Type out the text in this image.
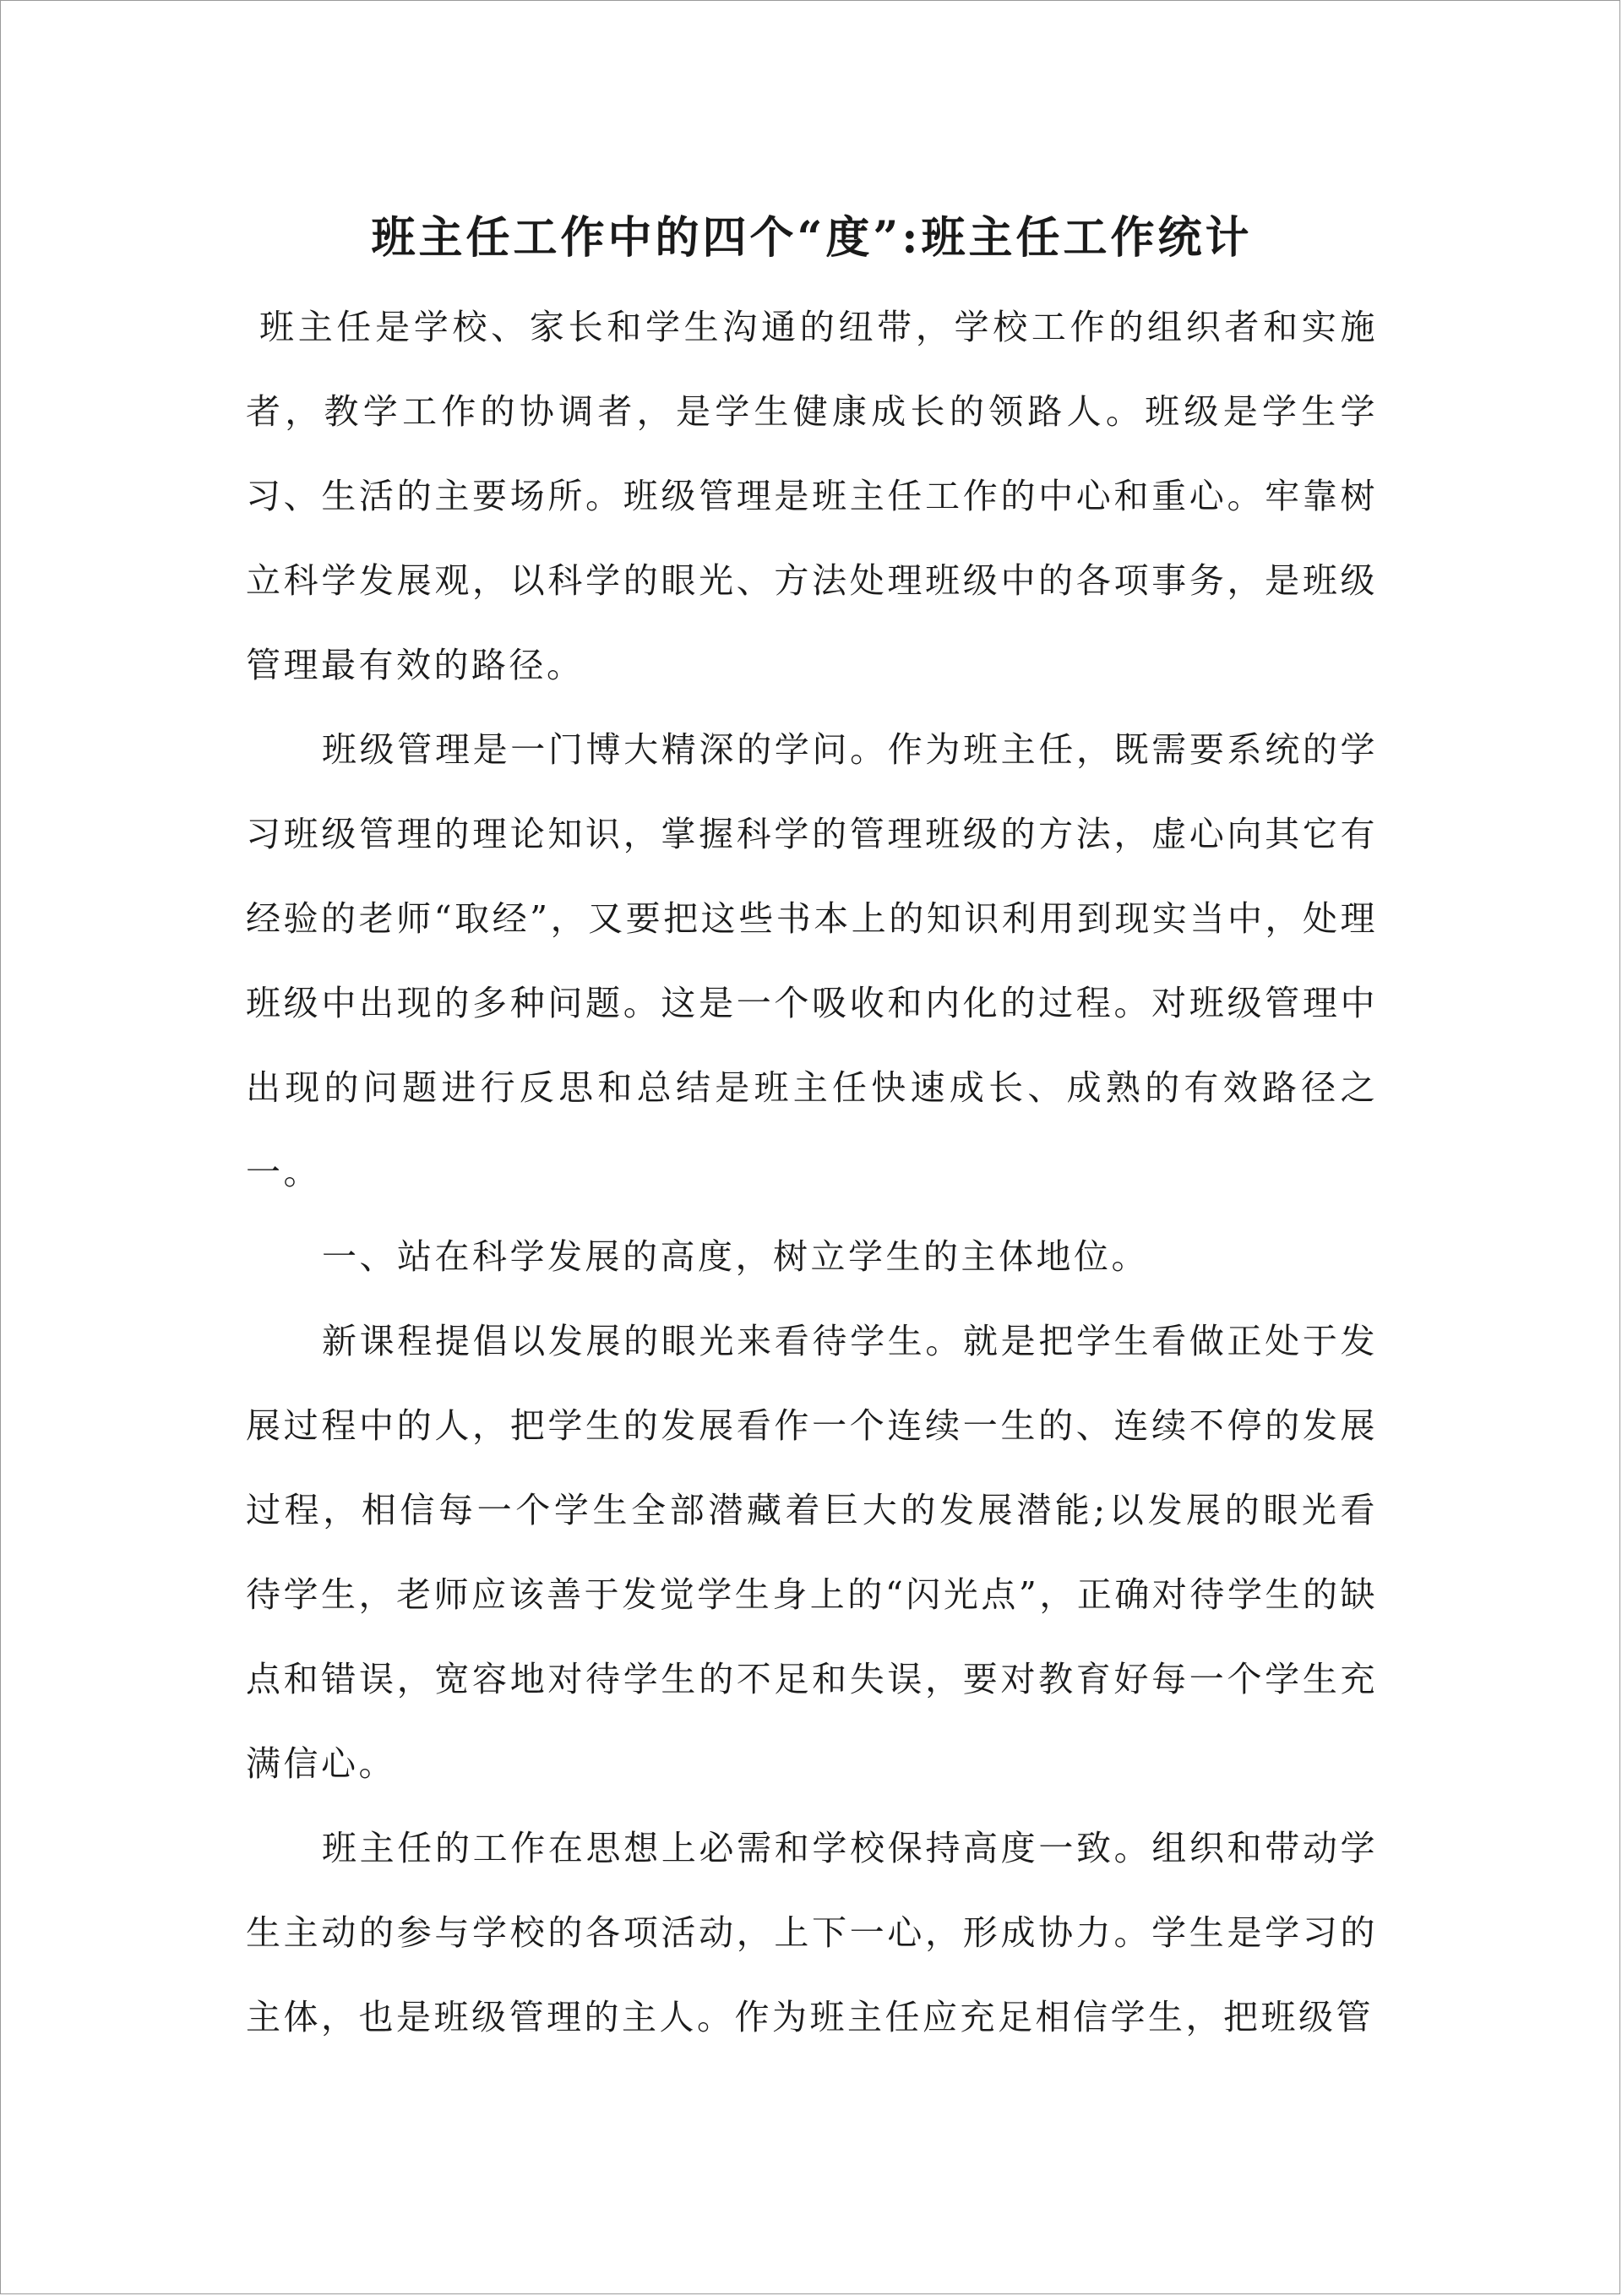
班主任工作中的四个“度”:班主任工作统计

班主任是学校、家长和学生沟通的纽带，学校工作的组织者和实施者，教学工作的协调者，是学生健康成长的领路人。班级是学生学习、生活的主要场所。班级管理是班主任工作的中心和重心。牢靠树立科学发展观，以科学的眼光、方法处理班级中的各项事务，是班级管理最有效的路径。

班级管理是一门博大精深的学问。作为班主任，既需要系统的学习班级管理的理论知识，掌握科学的管理班级的方法，虚心向其它有经验的老师“取经”，又要把这些书本上的知识利用到现实当中，处理班级中出现的多种问题。这是一个吸收和内化的过程。对班级管理中出现的问题进行反思和总结是班主任快速成长、成熟的有效路径之一。

一、站在科学发展的高度，树立学生的主体地位。

新课程提倡以发展的眼光来看待学生。就是把学生看做正处于发展过程中的人，把学生的发展看作一个连续一生的、连续不停的发展过程，相信每一个学生全部潜藏着巨大的发展潜能;以发展的眼光看待学生，老师应该善于发觉学生身上的“闪光点”，正确对待学生的缺点和错误，宽容地对待学生的不足和失误，要对教育好每一个学生充满信心。

班主任的工作在思想上必需和学校保持高度一致。组织和带动学生主动的参与学校的各项活动，上下一心，形成协力。学生是学习的主体，也是班级管理的主人。作为班主任应充足相信学生，把班级管
